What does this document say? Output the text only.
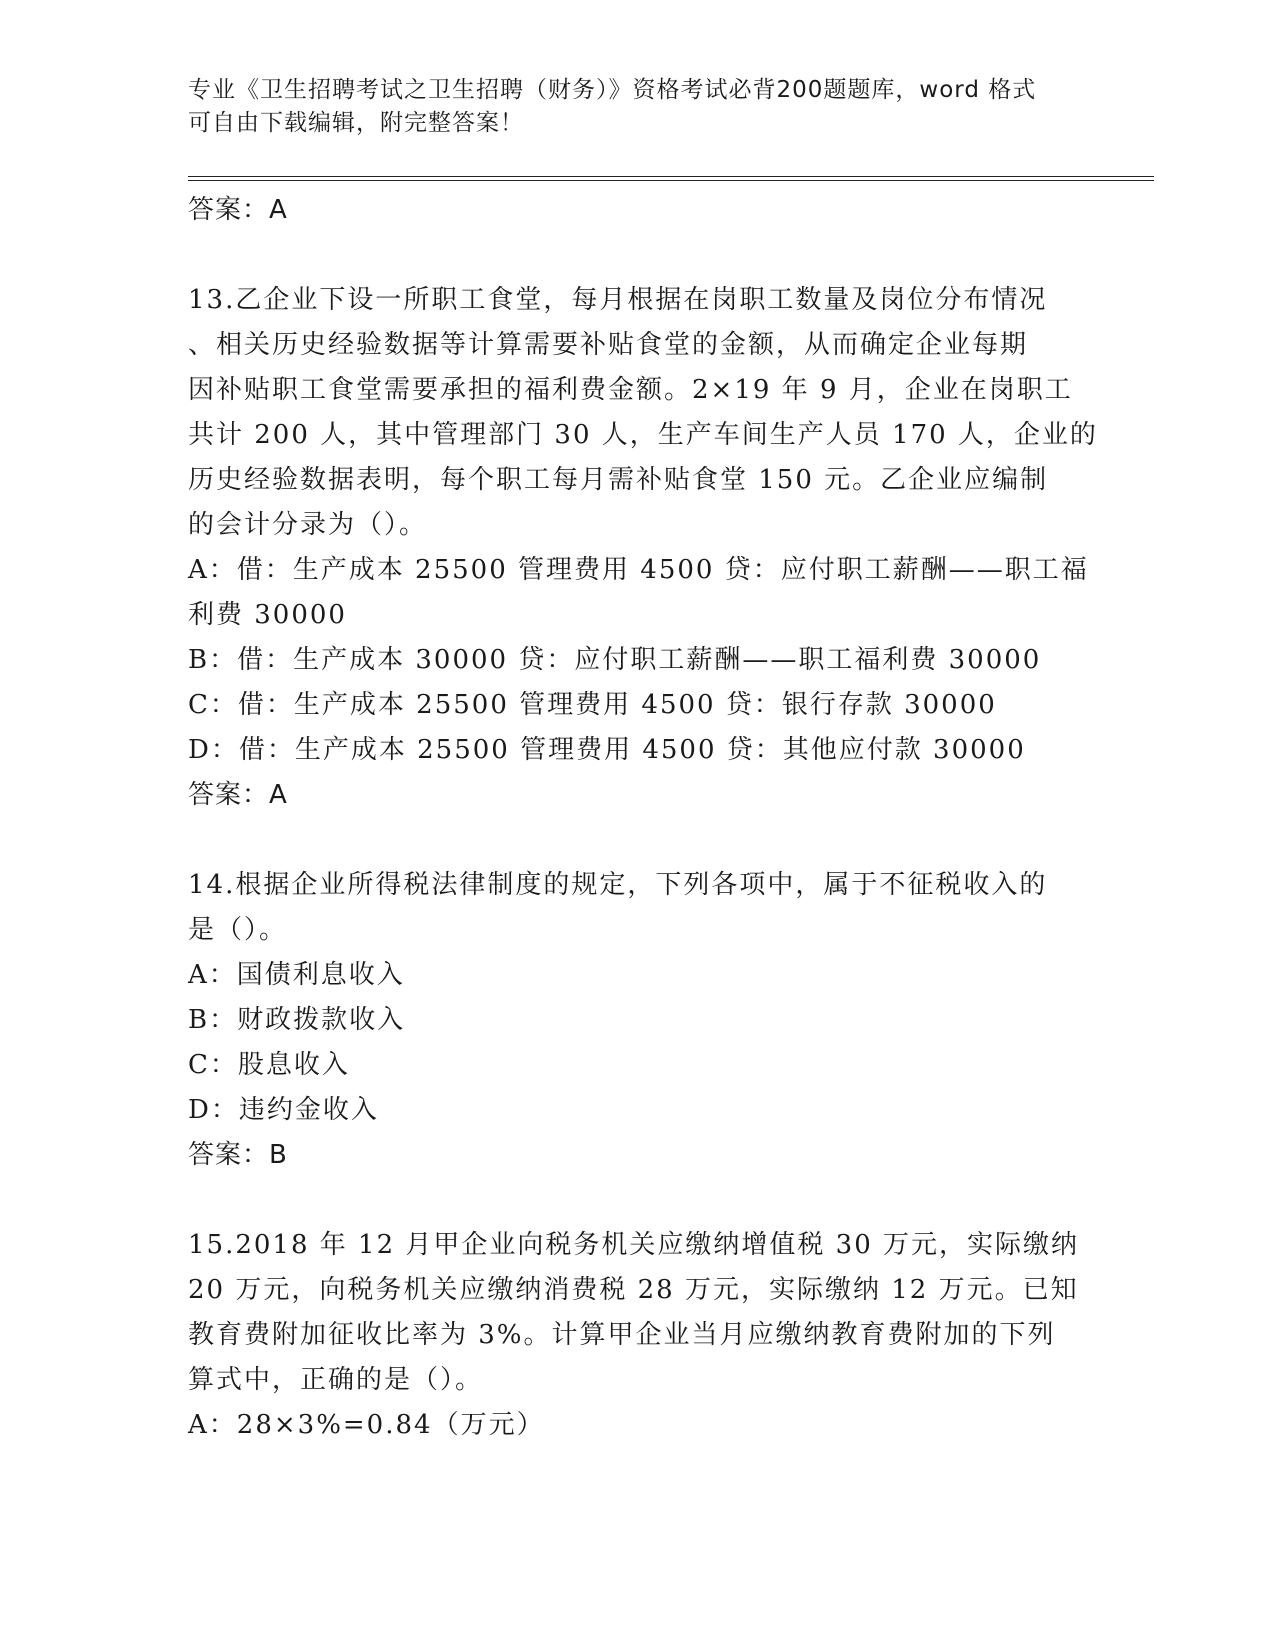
专业《卫生招聘考试之卫生招聘（财务）》资格考试必背200题题库，word 格式
可自由下载编辑，附完整答案！
答案：A
13.乙企业下设一所职工食堂，每月根据在岗职工数量及岗位分布情况
、相关历史经验数据等计算需要补贴食堂的金额，从而确定企业每期
因补贴职工食堂需要承担的福利费金额。2×19 年 9 月，企业在岗职工
共计 200 人，其中管理部门 30 人，生产车间生产人员 170 人，企业的
历史经验数据表明，每个职工每月需补贴食堂 150 元。乙企业应编制
的会计分录为（）。
A：借：生产成本 25500 管理费用 4500 贷：应付职工薪酬——职工福
利费 30000
B：借：生产成本 30000 贷：应付职工薪酬——职工福利费 30000
C：借：生产成本 25500 管理费用 4500 贷：银行存款 30000
D：借：生产成本 25500 管理费用 4500 贷：其他应付款 30000
答案：A
14.根据企业所得税法律制度的规定，下列各项中，属于不征税收入的
是（）。
A：国债利息收入
B：财政拨款收入
C：股息收入
D：违约金收入
答案：B
15.2018 年 12 月甲企业向税务机关应缴纳增值税 30 万元，实际缴纳
20 万元，向税务机关应缴纳消费税 28 万元，实际缴纳 12 万元。已知
教育费附加征收比率为 3%。计算甲企业当月应缴纳教育费附加的下列
算式中，正确的是（）。
A：28×3%=0.84（万元）
